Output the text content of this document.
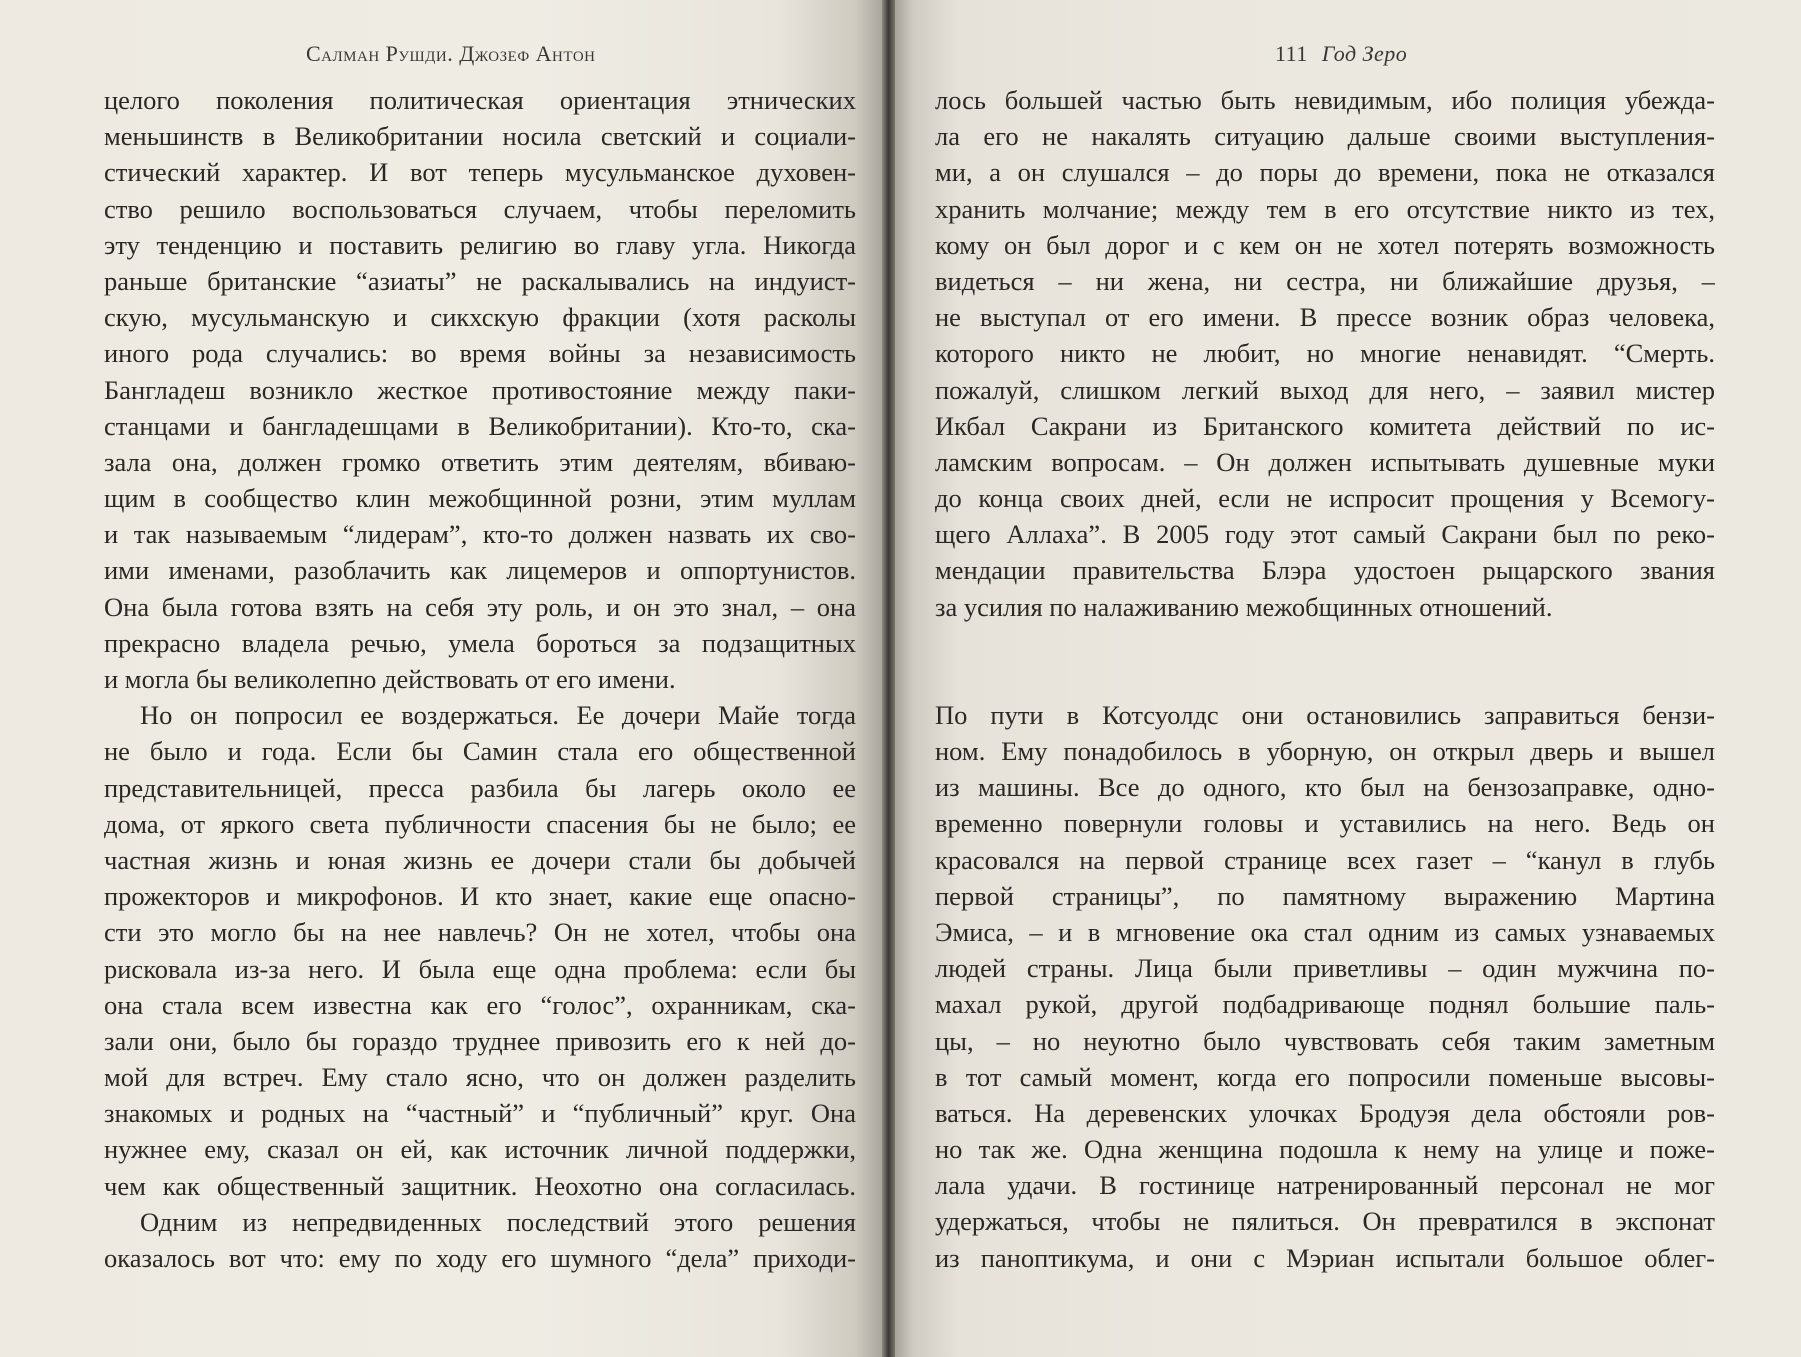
Салман Рушди. Джозеф Антон
целого поколения политическая ориентация этнических
меньшинств в Великобритании носила светский и социали-
стический характер. И вот теперь мусульманское духовен-
ство решило воспользоваться случаем, чтобы переломить
эту тенденцию и поставить религию во главу угла. Никогда
раньше британские “азиаты” не раскалывались на индуист-
скую, мусульманскую и сикхскую фракции (хотя расколы
иного рода случались: во время войны за независимость
Бангладеш возникло жесткое противостояние между паки-
станцами и бангладешцами в Великобритании). Кто-то, ска-
зала она, должен громко ответить этим деятелям, вбиваю-
щим в сообщество клин межобщинной розни, этим муллам
и так называемым “лидерам”, кто-то должен назвать их сво-
ими именами, разоблачить как лицемеров и оппортунистов.
Она была готова взять на себя эту роль, и он это знал, – она
прекрасно владела речью, умела бороться за подзащитных
и могла бы великолепно действовать от его имени.
Но он попросил ее воздержаться. Ее дочери Майе тогда
не было и года. Если бы Самин стала его общественной
представительницей, пресса разбила бы лагерь около ее
дома, от яркого света публичности спасения бы не было; ее
частная жизнь и юная жизнь ее дочери стали бы добычей
прожекторов и микрофонов. И кто знает, какие еще опасно-
сти это могло бы на нее навлечь? Он не хотел, чтобы она
рисковала из-за него. И была еще одна проблема: если бы
она стала всем известна как его “голос”, охранникам, ска-
зали они, было бы гораздо труднее привозить его к ней до-
мой для встреч. Ему стало ясно, что он должен разделить
знакомых и родных на “частный” и “публичный” круг. Она
нужнее ему, сказал он ей, как источник личной поддержки,
чем как общественный защитник. Неохотно она согласилась.
Одним из непредвиденных последствий этого решения
оказалось вот что: ему по ходу его шумного “дела” приходи-
111 Год Зеро
лось большей частью быть невидимым, ибо полиция убежда-
ла его не накалять ситуацию дальше своими выступления-
ми, а он слушался – до поры до времени, пока не отказался
хранить молчание; между тем в его отсутствие никто из тех,
кому он был дорог и с кем он не хотел потерять возможность
видеться – ни жена, ни сестра, ни ближайшие друзья, –
не выступал от его имени. В прессе возник образ человека,
которого никто не любит, но многие ненавидят. “Смерть.
пожалуй, слишком легкий выход для него, – заявил мистер
Икбал Сакрани из Британского комитета действий по ис-
ламским вопросам. – Он должен испытывать душевные муки
до конца своих дней, если не испросит прощения у Всемогу-
щего Аллаха”. В 2005 году этот самый Сакрани был по реко-
мендации правительства Блэра удостоен рыцарского звания
за усилия по налаживанию межобщинных отношений.
По пути в Котсуолдс они остановились заправиться бензи-
ном. Ему понадобилось в уборную, он открыл дверь и вышел
из машины. Все до одного, кто был на бензозаправке, одно-
временно повернули головы и уставились на него. Ведь он
красовался на первой странице всех газет – “канул в глубь
первой страницы”, по памятному выражению Мартина
Эмиса, – и в мгновение ока стал одним из самых узнаваемых
людей страны. Лица были приветливы – один мужчина по-
махал рукой, другой подбадривающе поднял большие паль-
цы, – но неуютно было чувствовать себя таким заметным
в тот самый момент, когда его попросили поменьше высовы-
ваться. На деревенских улочках Бродуэя дела обстояли ров-
но так же. Одна женщина подошла к нему на улице и поже-
лала удачи. В гостинице натренированный персонал не мог
удержаться, чтобы не пялиться. Он превратился в экспонат
из паноптикума, и они с Мэриан испытали большое облег-
